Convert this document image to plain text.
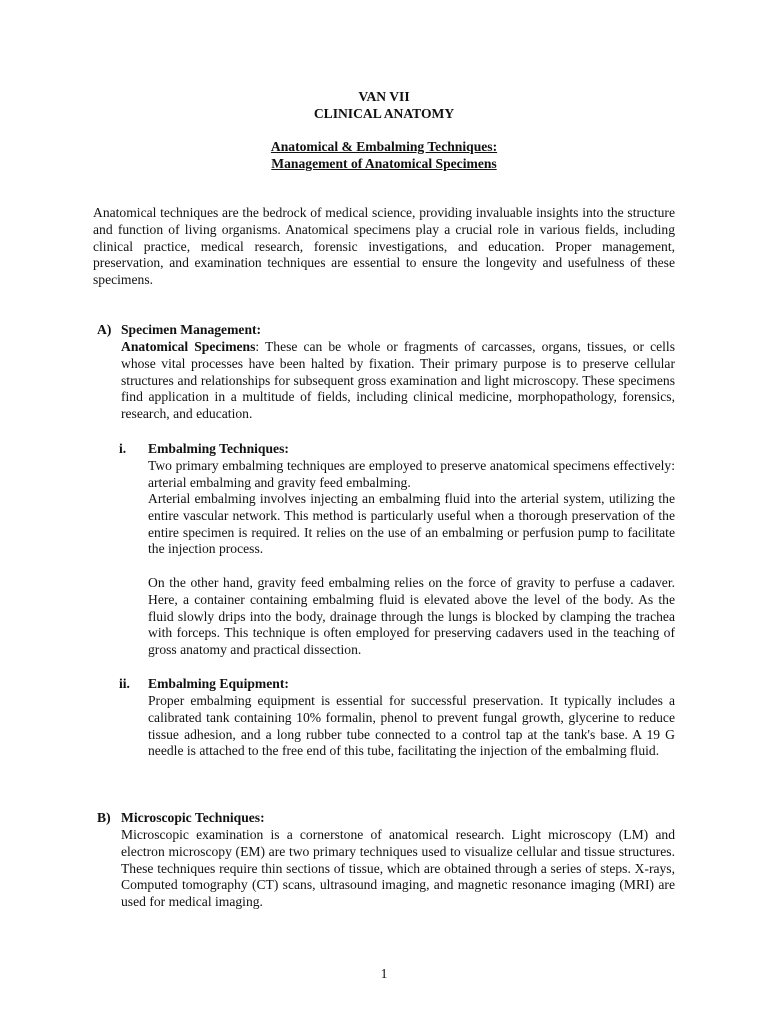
VAN VII
CLINICAL ANATOMY
Anatomical & Embalming Techniques:
Management of Anatomical Specimens

Anatomical techniques are the bedrock of medical science, providing invaluable insights into the structure and function of living organisms. Anatomical specimens play a crucial role in various fields, including clinical practice, medical research, forensic investigations, and education. Proper management, preservation, and examination techniques are essential to ensure the longevity and usefulness of these specimens.

A) Specimen Management:

Anatomical Specimens: These can be whole or fragments of carcasses, organs, tissues, or cells whose vital processes have been halted by fixation. Their primary purpose is to preserve cellular structures and relationships for subsequent gross examination and light microscopy. These specimens find application in a multitude of fields, including clinical medicine, morphopathology, forensics, research, and education.

i. Embalming Techniques:

Two primary embalming techniques are employed to preserve anatomical specimens effectively: arterial embalming and gravity feed embalming.

Arterial embalming involves injecting an embalming fluid into the arterial system, utilizing the entire vascular network. This method is particularly useful when a thorough preservation of the entire specimen is required. It relies on the use of an embalming or perfusion pump to facilitate the injection process.

On the other hand, gravity feed embalming relies on the force of gravity to perfuse a cadaver. Here, a container containing embalming fluid is elevated above the level of the body. As the fluid slowly drips into the body, drainage through the lungs is blocked by clamping the trachea with forceps. This technique is often employed for preserving cadavers used in the teaching of gross anatomy and practical dissection.

ii. Embalming Equipment:

Proper embalming equipment is essential for successful preservation. It typically includes a calibrated tank containing 10% formalin, phenol to prevent fungal growth, glycerine to reduce tissue adhesion, and a long rubber tube connected to a control tap at the tank's base. A 19 G needle is attached to the free end of this tube, facilitating the injection of the embalming fluid.

B) Microscopic Techniques:

Microscopic examination is a cornerstone of anatomical research. Light microscopy (LM) and electron microscopy (EM) are two primary techniques used to visualize cellular and tissue structures. These techniques require thin sections of tissue, which are obtained through a series of steps. X-rays, Computed tomography (CT) scans, ultrasound imaging, and magnetic resonance imaging (MRI) are used for medical imaging.

1
